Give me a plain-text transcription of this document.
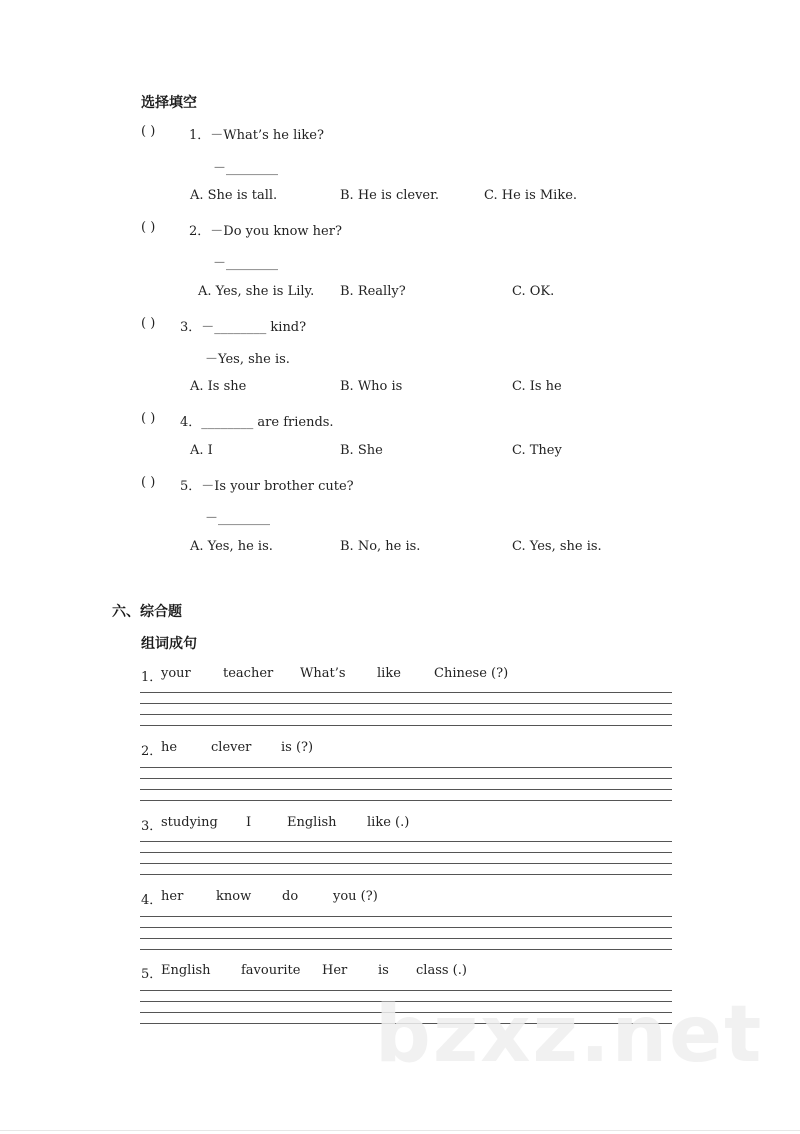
选择填空
( )	1．－What’s he like?
－________
A. She is tall.	B. He is clever.	C. He is Mike.
( )	2．－Do you know her?
－________
A. Yes, she is Lily. B. Really?	C. OK.
( ) 3．－________ kind?
－Yes, she is.
A. Is she	B. Who is	C. Is he
( ) 4．________ are friends.
A. I	B. She	C. They
( ) 5．－Is your brother cute?
－________
A. Yes, he is.	B. No, he is.	C. Yes, she is.
六、综合题
组词成句
1．
your teacher What’s like	Chinese (?)
2．
he	clever is (?)
3．
studying I	English like (.)
4．
her	know do	you (?)
5．
English favourite Her is class (.)
bzxz.net
